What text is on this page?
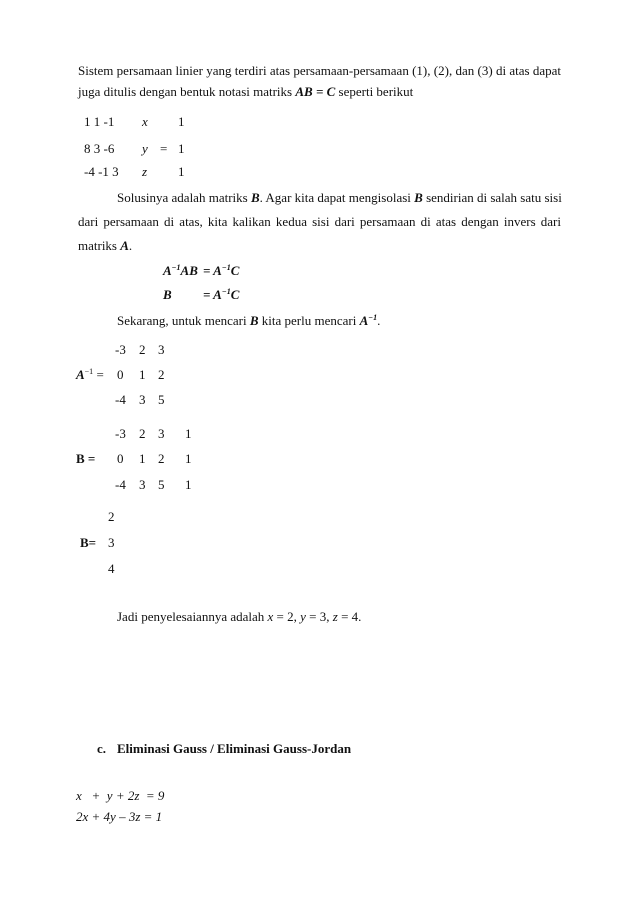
Sistem persamaan linier yang terdiri atas persamaan-persamaan (1), (2), dan (3) di atas dapat
juga ditulis dengan bentuk notasi matriks AB = C seperti berikut
1 1 -1 x 1
8 3 -6 y = 1
-4 -1 3 z 1
Solusinya adalah matriks B. Agar kita dapat mengisolasi B sendirian di salah satu sisi
dari persamaan di atas, kita kalikan kedua sisi dari persamaan di atas dengan invers dari
matriks A.
$A^{-1}AB = A^{-1}C$
$B = A^{-1}C$
Sekarang, untuk mencari B kita perlu mencari $A^{-1}$.
$A^{-1}$ =
-3 2 3
0 1 2
-4 3 5
B =
-3 2 3 1
0 1 2 1
-4 3 5 1
B=
2
3
4
Jadi penyelesaiannya adalah x = 2, y = 3, z = 4.
c. Eliminasi Gauss / Eliminasi Gauss-Jordan
x   +  y + 2z  = 9
2x + 4y – 3z = 1
